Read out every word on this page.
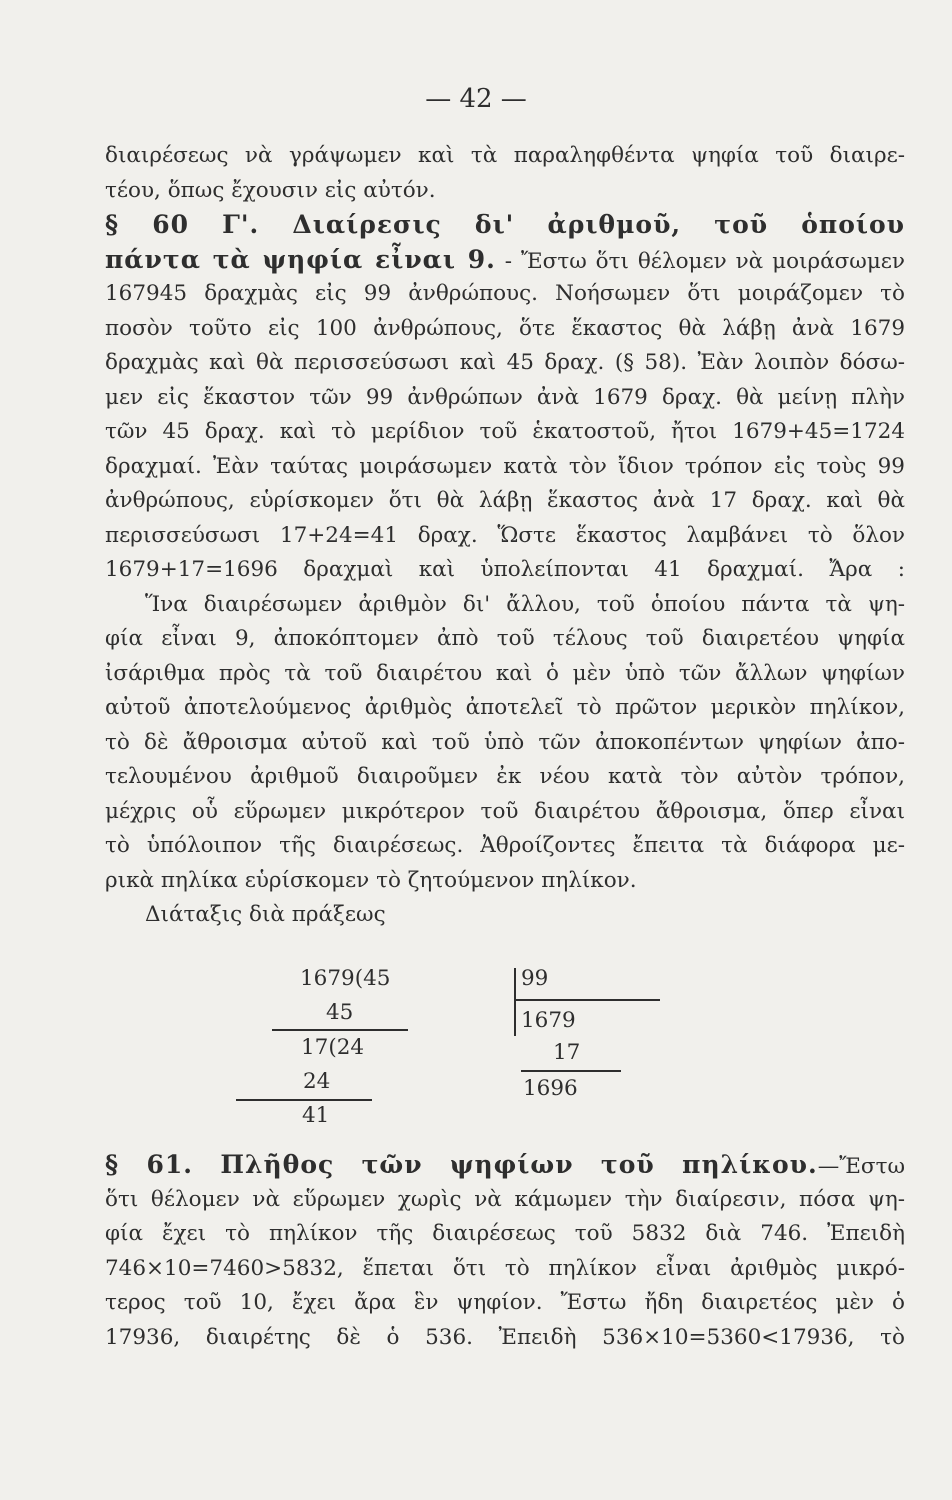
— 42 —
διαιρέσεως νὰ γράψωμεν καὶ τὰ παραληφθέντα ψηφία τοῦ διαιρε-
τέου, ὅπως ἔχουσιν εἰς αὐτόν.
§ 60 Γ'. Διαίρεσις δι' ἀριθμοῦ, τοῦ ὁποίου
πάντα τὰ ψηφία εἶναι 9. - Ἔστω ὅτι θέλομεν νὰ μοιράσωμεν
167945 δραχμὰς εἰς 99 ἀνθρώπους. Νοήσωμεν ὅτι μοιράζομεν τὸ
ποσὸν τοῦτο εἰς 100 ἀνθρώπους, ὅτε ἕκαστος θὰ λάβῃ ἀνὰ 1679
δραχμὰς καὶ θὰ περισσεύσωσι καὶ 45 δραχ. (§ 58). Ἐὰν λοιπὸν δόσω-
μεν εἰς ἕκαστον τῶν 99 ἀνθρώπων ἀνὰ 1679 δραχ. θὰ μείνῃ πλὴν
τῶν 45 δραχ. καὶ τὸ μερίδιον τοῦ ἑκατοστοῦ, ἤτοι 1679+45=1724
δραχμαί. Ἐὰν ταύτας μοιράσωμεν κατὰ τὸν ἴδιον τρόπον εἰς τοὺς 99
ἀνθρώπους, εὑρίσκομεν ὅτι θὰ λάβῃ ἕκαστος ἀνὰ 17 δραχ. καὶ θὰ
περισσεύσωσι 17+24=41 δραχ. Ὥστε ἕκαστος λαμβάνει τὸ ὅλον
1679+17=1696 δραχμαὶ καὶ ὑπολείπονται 41 δραχμαί. Ἄρα :
Ἵνα διαιρέσωμεν ἀριθμὸν δι' ἄλλου, τοῦ ὁποίου πάντα τὰ ψη-
φία εἶναι 9, ἀποκόπτομεν ἀπὸ τοῦ τέλους τοῦ διαιρετέου ψηφία
ἰσάριθμα πρὸς τὰ τοῦ διαιρέτου καὶ ὁ μὲν ὑπὸ τῶν ἄλλων ψηφίων
αὐτοῦ ἀποτελούμενος ἀριθμὸς ἀποτελεῖ τὸ πρῶτον μερικὸν πηλίκον,
τὸ δὲ ἄθροισμα αὐτοῦ καὶ τοῦ ὑπὸ τῶν ἀποκοπέντων ψηφίων ἀπο-
τελουμένου ἀριθμοῦ διαιροῦμεν ἐκ νέου κατὰ τὸν αὐτὸν τρόπον,
μέχρις οὗ εὕρωμεν μικρότερον τοῦ διαιρέτου ἄθροισμα, ὅπερ εἶναι
τὸ ὑπόλοιπον τῆς διαιρέσεως. Ἀθροίζοντες ἔπειτα τὰ διάφορα με-
ρικὰ πηλίκα εὑρίσκομεν τὸ ζητούμενον πηλίκον.
Διάταξις διὰ πράξεως
1679(45
45
17(24
24
41
99
1679
17
1696
§ 61. Πλῆθος τῶν ψηφίων τοῦ πηλίκου.—Ἔστω
ὅτι θέλομεν νὰ εὕρωμεν χωρὶς νὰ κάμωμεν τὴν διαίρεσιν, πόσα ψη-
φία ἔχει τὸ πηλίκον τῆς διαιρέσεως τοῦ 5832 διὰ 746. Ἐπειδὴ
746×10=7460>5832, ἕπεται ὅτι τὸ πηλίκον εἶναι ἀριθμὸς μικρό-
τερος τοῦ 10, ἔχει ἄρα ἓν ψηφίον. Ἔστω ἤδη διαιρετέος μὲν ὁ
17936, διαιρέτης δὲ ὁ 536. Ἐπειδὴ 536×10=5360<17936, τὸ
